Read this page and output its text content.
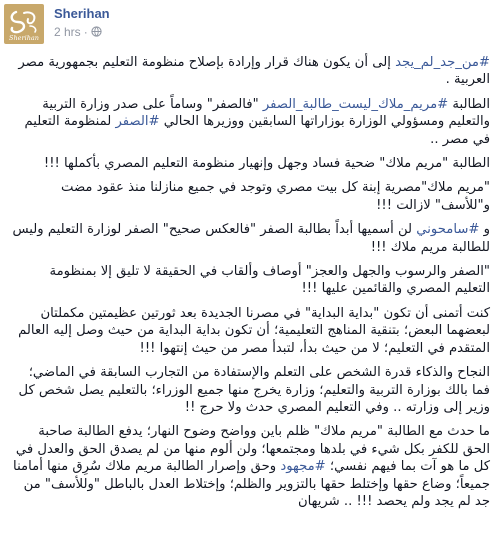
Sherihan
Sherihan
2 hrs ·

#من_جد_لم_يجد إلى أن يكون هناك قرار وإرادة بإصلاح منظومة التعليم بجمهورية مصر العربية .

الطالبة #مريم_ملاك_ليست_طالبة_الصفر "فالصفر" وساماً على صدر وزارة التربية والتعليم ومسؤولي الوزارة بوزاراتها السابقين ووزيرها الحالي #الصفر لمنظومة التعليم في مصر ..

الطالبة "مريم ملاك" ضحية فساد وجهل وإنهيار منظومة التعليم المصري بأكملها !!!

"مريم ملاك"مصرية إبنة كل بيت مصري وتوجد في جميع منازلنا منذ عقود مضت و"للأسف" لازالت !!!

و #سامحوني لن أسميها أبداً بطالبة الصفر "فالعكس صحيح" الصفر لوزارة التعليم وليس للطالبة مريم ملاك !!!

"الصفر والرسوب والجهل والعجز" أوصاف وألقاب في الحقيقة لا تليق إلا بمنظومة التعليم المصري والقائمين عليها !!!

كنت أتمنى أن تكون "بداية البداية" في مصرنا الجديدة بعد ثورتين عظيمتين مكملتان لبعضهما البعض؛ بتنقية المناهج التعليمية؛ أن تكون بداية البداية من حيث وصل إليه العالم المتقدم في التعليم؛ لا من حيث بدأ، لتبدأ مصر من حيث إنتهوا !!!

النجاح والذكاء قدرة الشخص على التعلم والإستفادة من التجارب السابقة في الماضي؛ فما بالك بوزارة التربية والتعليم؛ وزارة يخرج منها جميع الوزراء؛ بالتعليم يصل شخص كل وزير إلى وزارته .. وفي التعليم المصري حدث ولا حرج !!

ما حدث مع الطالبة "مريم ملاك" ظلم باين وواضح وضوح النهار؛ يدفع الطالبة صاحبة الحق للكفر بكل شيء في بلدها ومجتمعها؛ ولن ألوم منها من لم يصدق الحق والعدل في كل ما هو آت بما فيهم نفسي؛ #مجهود وحق وإصرار الطالبة مريم ملاك سُرِق منها أمامنا جميعاً؛ وضاع حقها وإختلط حقها بالتزوير والظلم؛ وإختلاط العدل بالباطل "وللأسف" من جد لم يجد ولم يحصد !!! .. شريهان
